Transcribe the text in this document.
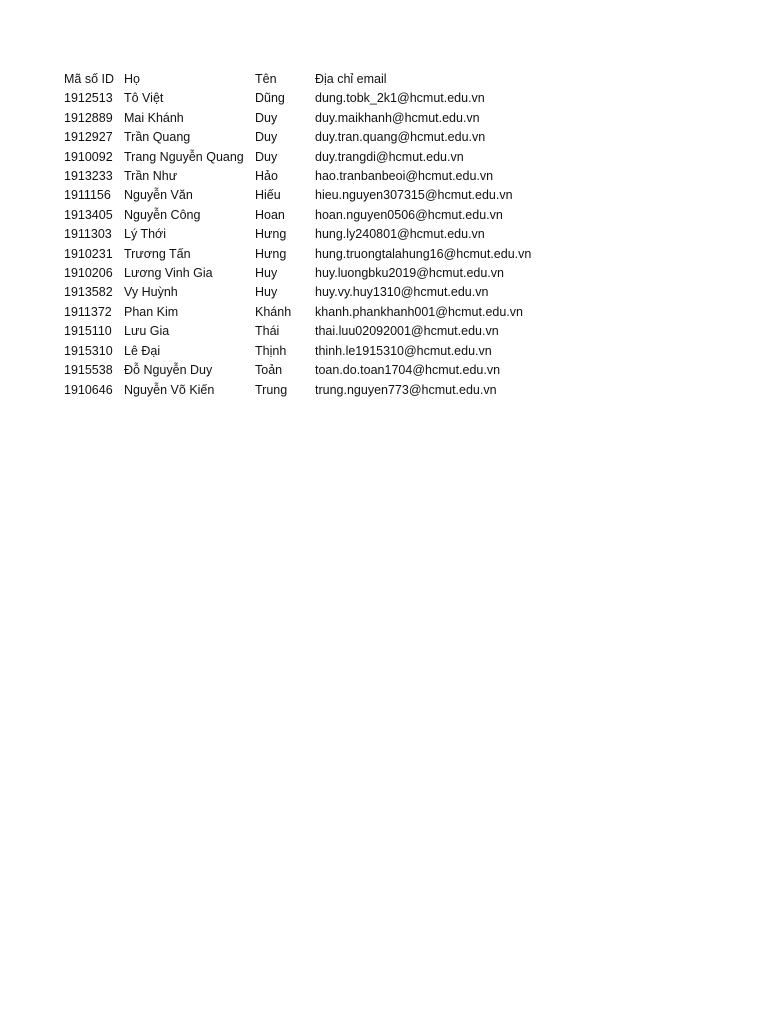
Mã số ID	Họ	Tên	Địa chỉ email
1912513	Tô Việt	Dũng	dung.tobk_2k1@hcmut.edu.vn
1912889	Mai Khánh	Duy	duy.maikhanh@hcmut.edu.vn
1912927	Trần Quang	Duy	duy.tran.quang@hcmut.edu.vn
1910092	Trang Nguyễn Quang	Duy	duy.trangdi@hcmut.edu.vn
1913233	Trần Như	Hảo	hao.tranbanbeoi@hcmut.edu.vn
1911156	Nguyễn Văn	Hiếu	hieu.nguyen307315@hcmut.edu.vn
1913405	Nguyễn Công	Hoan	hoan.nguyen0506@hcmut.edu.vn
1911303	Lý Thới	Hưng	hung.ly240801@hcmut.edu.vn
1910231	Trương Tấn	Hưng	hung.truongtalahung16@hcmut.edu.vn
1910206	Lương Vinh Gia	Huy	huy.luongbku2019@hcmut.edu.vn
1913582	Vy Huỳnh	Huy	huy.vy.huy1310@hcmut.edu.vn
1911372	Phan Kim	Khánh	khanh.phankhanh001@hcmut.edu.vn
1915110	Lưu Gia	Thái	thai.luu02092001@hcmut.edu.vn
1915310	Lê Đại	Thịnh	thinh.le1915310@hcmut.edu.vn
1915538	Đỗ Nguyễn Duy	Toản	toan.do.toan1704@hcmut.edu.vn
1910646	Nguyễn Võ Kiến	Trung	trung.nguyen773@hcmut.edu.vn
